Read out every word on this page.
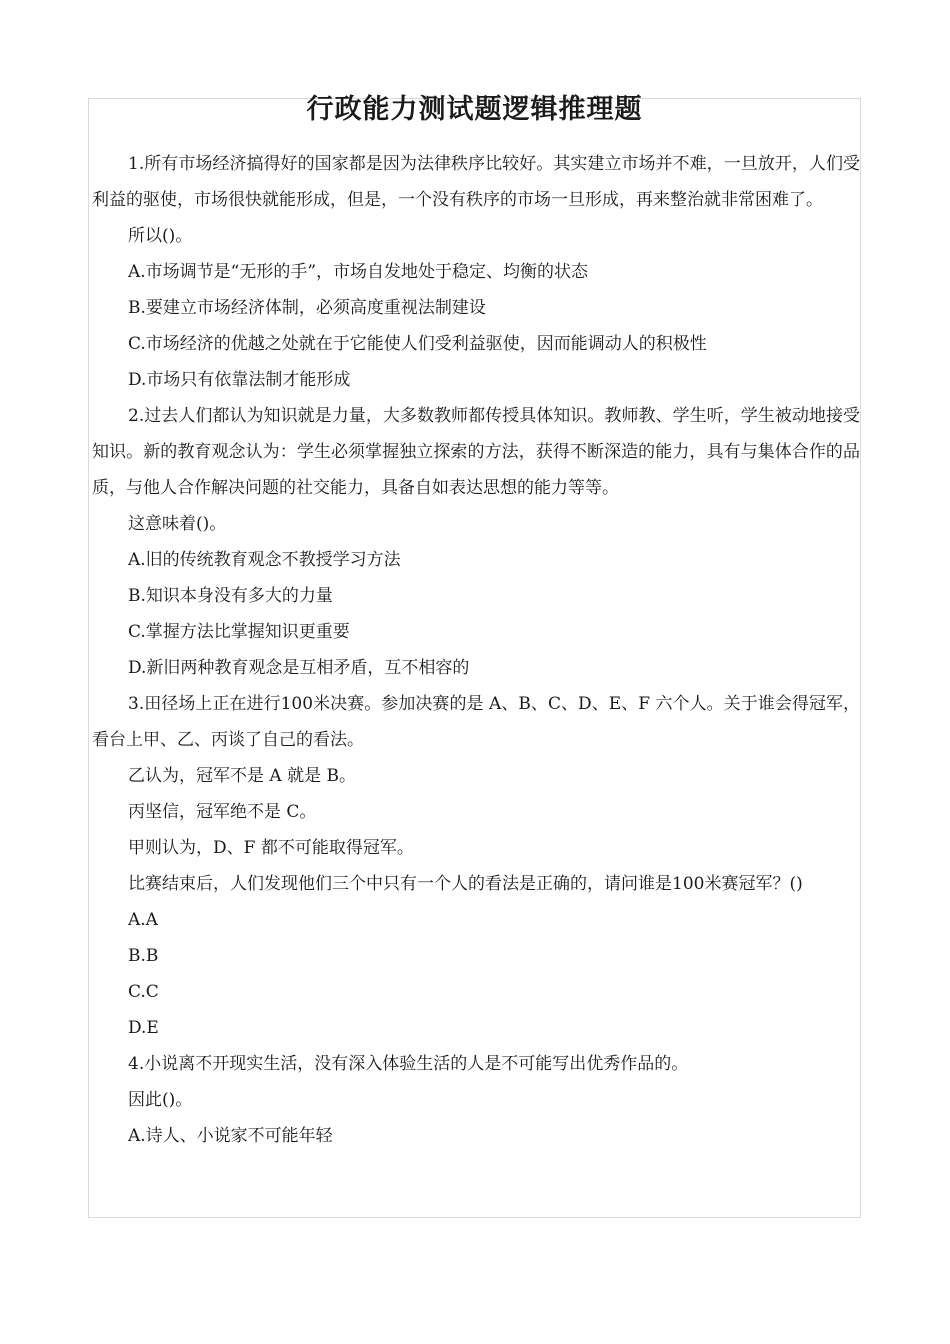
行政能力测试题逻辑推理题

1.所有市场经济搞得好的国家都是因为法律秩序比较好。其实建立市场并不难，一旦放开，人们受利益的驱使，市场很快就能形成，但是，一个没有秩序的市场一旦形成，再来整治就非常困难了。

所以()。

A.市场调节是“无形的手”，市场自发地处于稳定、均衡的状态

B.要建立市场经济体制，必须高度重视法制建设

C.市场经济的优越之处就在于它能使人们受利益驱使，因而能调动人的积极性

D.市场只有依靠法制才能形成

2.过去人们都认为知识就是力量，大多数教师都传授具体知识。教师教、学生听，学生被动地接受知识。新的教育观念认为：学生必须掌握独立探索的方法，获得不断深造的能力，具有与集体合作的品质，与他人合作解决问题的社交能力，具备自如表达思想的能力等等。

这意味着()。

A.旧的传统教育观念不教授学习方法

B.知识本身没有多大的力量

C.掌握方法比掌握知识更重要

D.新旧两种教育观念是互相矛盾，互不相容的

3.田径场上正在进行100米决赛。参加决赛的是 A、B、C、D、E、F 六个人。关于谁会得冠军，看台上甲、乙、丙谈了自己的看法。

乙认为，冠军不是 A 就是 B。

丙坚信，冠军绝不是 C。

甲则认为，D、F 都不可能取得冠军。

比赛结束后，人们发现他们三个中只有一个人的看法是正确的，请问谁是100米赛冠军？()

A.A

B.B

C.C

D.E

4.小说离不开现实生活，没有深入体验生活的人是不可能写出优秀作品的。

因此()。

A.诗人、小说家不可能年轻
